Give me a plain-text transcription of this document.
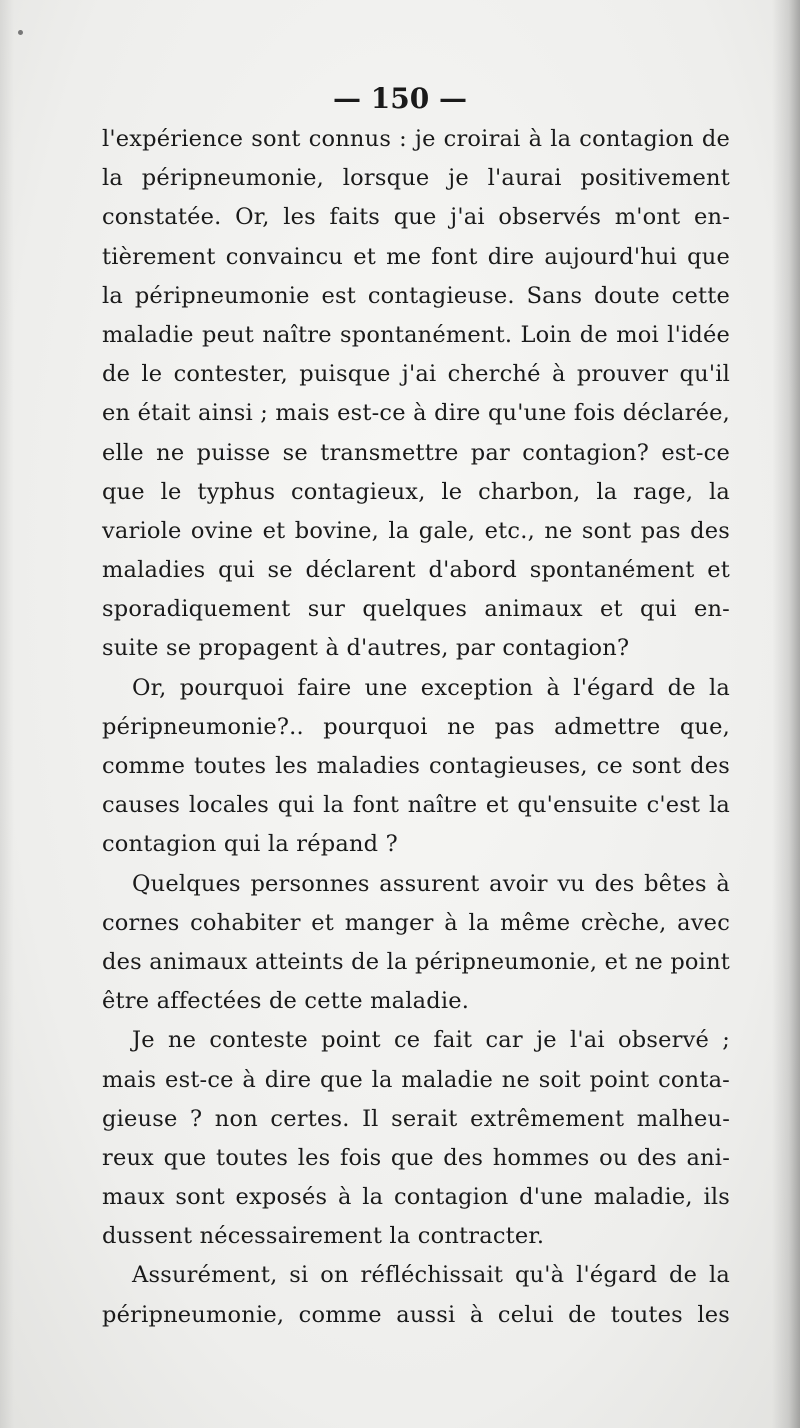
— 150 —
l'expérience sont connus : je croirai à la contagion de
la péripneumonie, lorsque je l'aurai positivement
constatée. Or, les faits que j'ai observés m'ont en-
tièrement convaincu et me font dire aujourd'hui que
la péripneumonie est contagieuse. Sans doute cette
maladie peut naître spontanément. Loin de moi l'idée
de le contester, puisque j'ai cherché à prouver qu'il
en était ainsi ; mais est-ce à dire qu'une fois déclarée,
elle ne puisse se transmettre par contagion? est-ce
que le typhus contagieux, le charbon, la rage, la
variole ovine et bovine, la gale, etc., ne sont pas des
maladies qui se déclarent d'abord spontanément et
sporadiquement sur quelques animaux et qui en-
suite se propagent à d'autres, par contagion?
Or, pourquoi faire une exception à l'égard de la
péripneumonie?.. pourquoi ne pas admettre que,
comme toutes les maladies contagieuses, ce sont des
causes locales qui la font naître et qu'ensuite c'est la
contagion qui la répand ?
Quelques personnes assurent avoir vu des bêtes à
cornes cohabiter et manger à la même crèche, avec
des animaux atteints de la péripneumonie, et ne point
être affectées de cette maladie.
Je ne conteste point ce fait car je l'ai observé ;
mais est-ce à dire que la maladie ne soit point conta-
gieuse ? non certes. Il serait extrêmement malheu-
reux que toutes les fois que des hommes ou des ani-
maux sont exposés à la contagion d'une maladie, ils
dussent nécessairement la contracter.
Assurément, si on réfléchissait qu'à l'égard de la
péripneumonie, comme aussi à celui de toutes les
